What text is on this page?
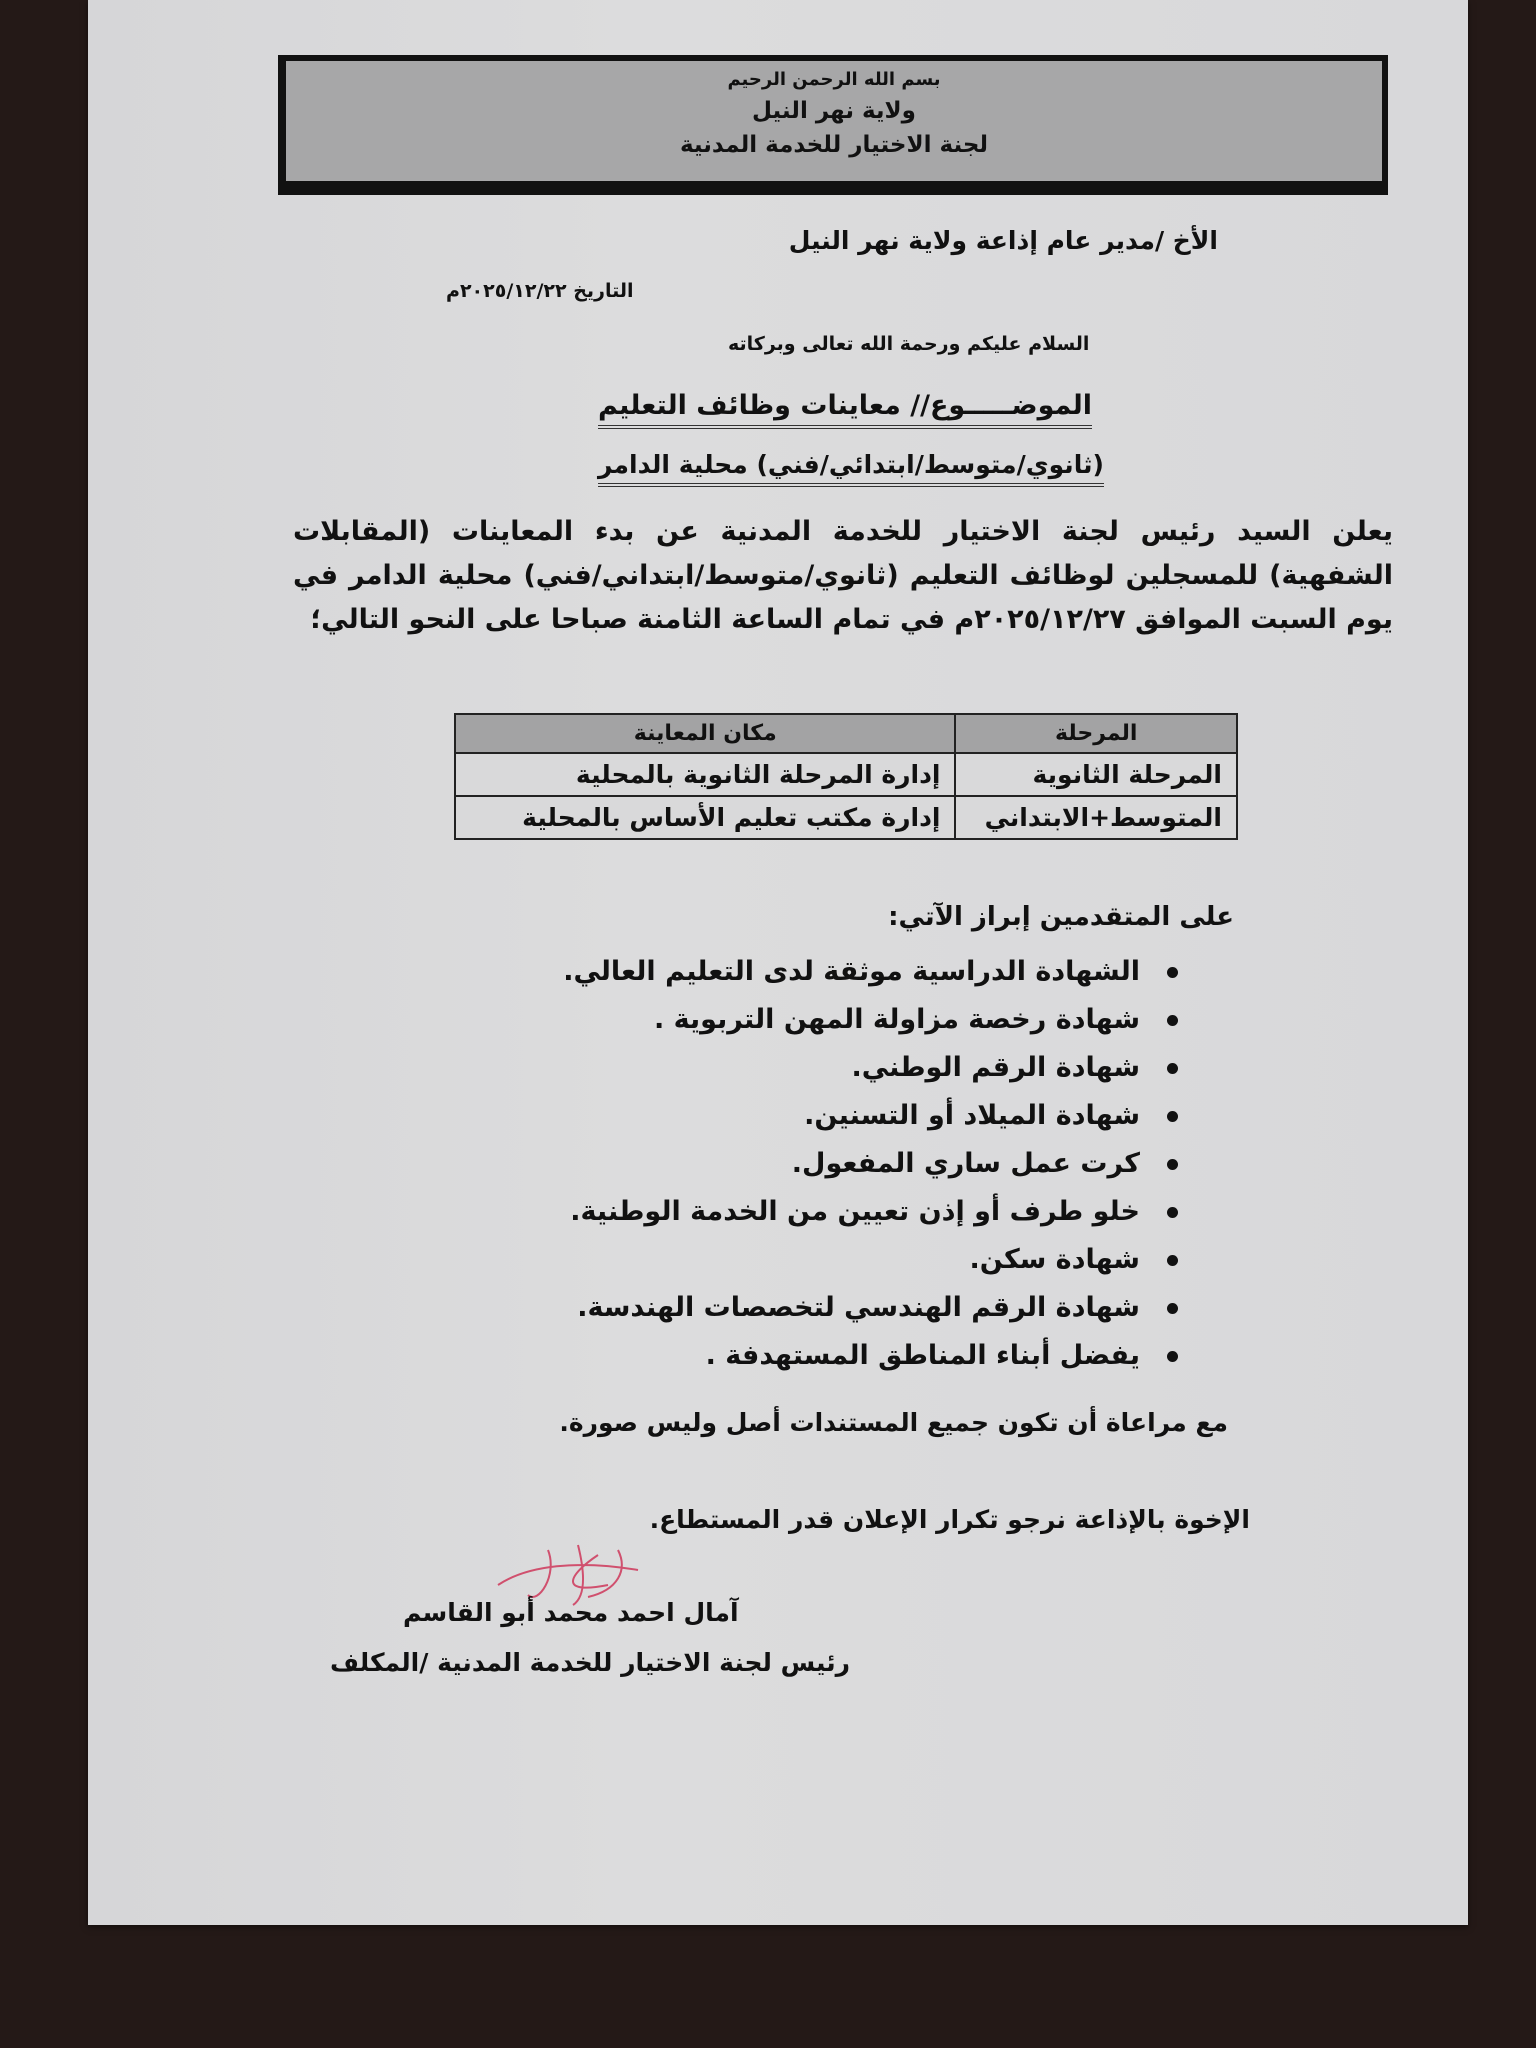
بسم الله الرحمن الرحيم
ولاية نهر النيل
لجنة الاختيار للخدمة المدنية
الأخ /مدير عام إذاعة ولاية نهر النيل
التاريخ ٢٠٢٥/١٢/٢٢م
السلام عليكم ورحمة الله تعالى وبركاته
الموضـــــوع// معاينات وظائف التعليم
(ثانوي/متوسط/ابتدائي/فني) محلية الدامر
يعلن السيد رئيس لجنة الاختيار للخدمة المدنية عن بدء المعاينات (المقابلات الشفهية) للمسجلين لوظائف التعليم (ثانوي/متوسط/ابتداني/فني) محلية الدامر في يوم السبت الموافق ٢٠٢٥/١٢/٢٧م في تمام الساعة الثامنة صباحا على النحو التالي؛
المرحلة	مكان المعاينة
المرحلة الثانوية	إدارة المرحلة الثانوية بالمحلية
المتوسط+الابتداني	إدارة مكتب تعليم الأساس بالمحلية
على المتقدمين إبراز الآتي:
الشهادة الدراسية موثقة لدى التعليم العالي.
شهادة رخصة مزاولة المهن التربوية .
شهادة الرقم الوطني.
شهادة الميلاد أو التسنين.
كرت عمل ساري المفعول.
خلو طرف أو إذن تعيين من الخدمة الوطنية.
شهادة سكن.
شهادة الرقم الهندسي لتخصصات الهندسة.
يفضل أبناء المناطق المستهدفة .
مع مراعاة أن تكون جميع المستندات أصل وليس صورة.
الإخوة بالإذاعة نرجو تكرار الإعلان قدر المستطاع.
آمال احمد محمد أبو القاسم
رئيس لجنة الاختيار للخدمة المدنية /المكلف
